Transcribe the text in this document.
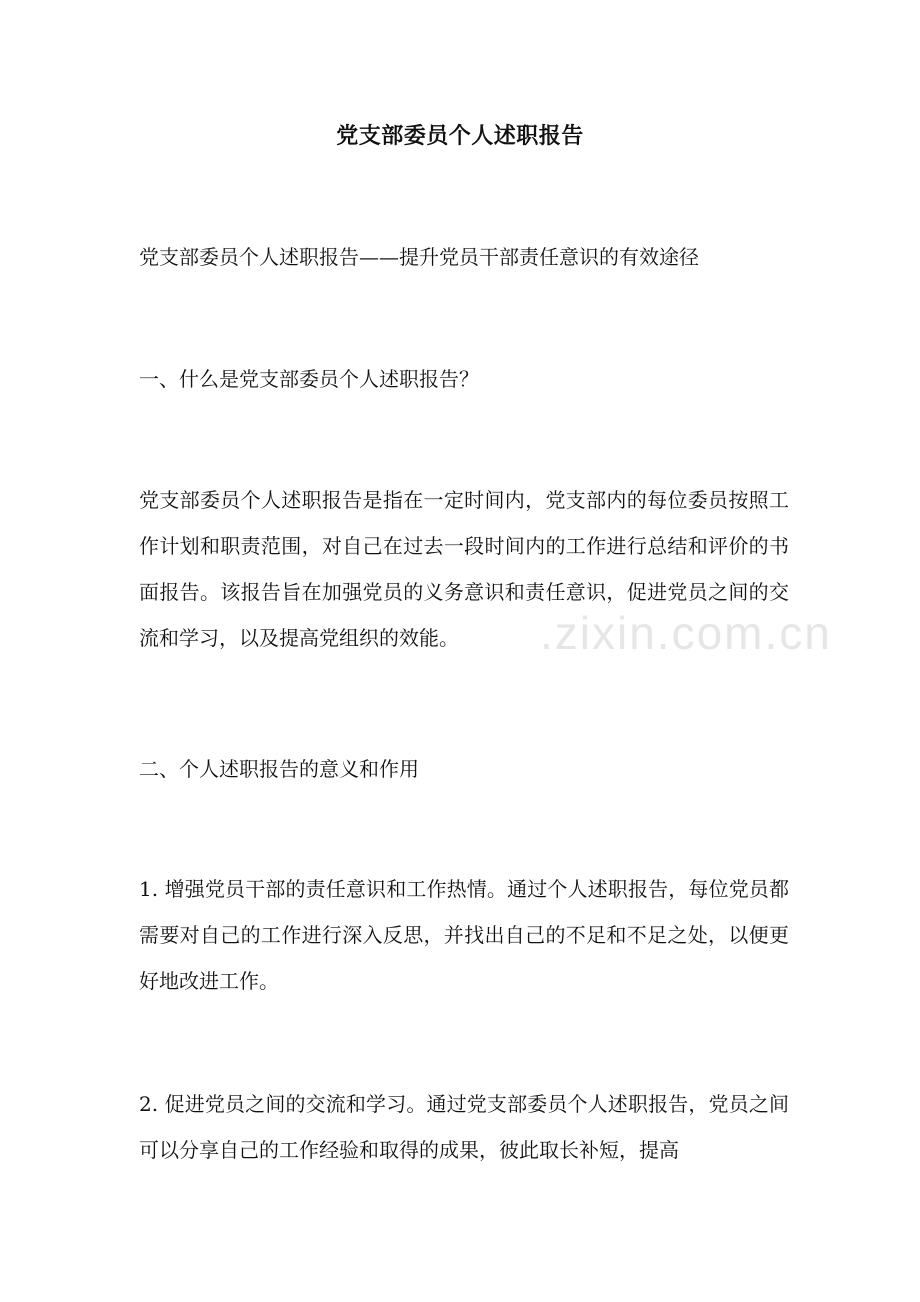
党支部委员个人述职报告
党支部委员个人述职报告——提升党员干部责任意识的有效途径
一、什么是党支部委员个人述职报告？
党支部委员个人述职报告是指在一定时间内，党支部内的每位委员按照工作计划和职责范围，对自己在过去一段时间内的工作进行总结和评价的书面报告。该报告旨在加强党员的义务意识和责任意识，促进党员之间的交流和学习，以及提高党组织的效能。
二、个人述职报告的意义和作用
1. 增强党员干部的责任意识和工作热情。通过个人述职报告，每位党员都需要对自己的工作进行深入反思，并找出自己的不足和不足之处，以便更好地改进工作。
2. 促进党员之间的交流和学习。通过党支部委员个人述职报告，党员之间可以分享自己的工作经验和取得的成果，彼此取长补短，提高
.zixin.com.cn
